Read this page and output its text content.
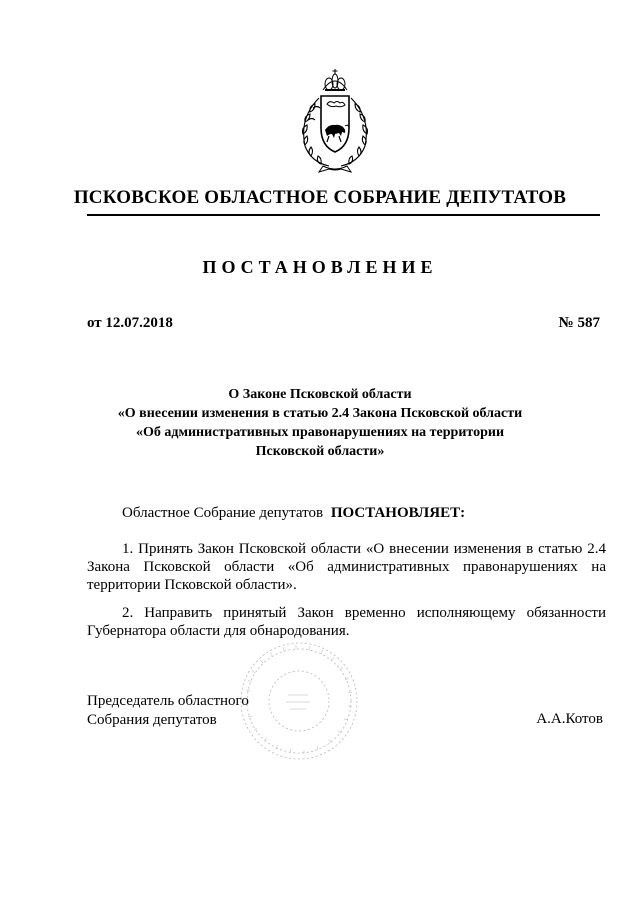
ПСКОВСКОЕ ОБЛАСТНОЕ СОБРАНИЕ ДЕПУТАТОВ
ПОСТАНОВЛЕНИЕ
от 12.07.2018	№ 587
О Законе Псковской области
«О внесении изменения в статью 2.4 Закона Псковской области
«Об административных правонарушениях на территории
Псковской области»
Областное Собрание депутатов ПОСТАНОВЛЯЕТ:

1. Принять Закон Псковской области «О внесении изменения в статью 2.4 Закона Псковской области «Об административных правонарушениях на территории Псковской области».

2. Направить принятый Закон временно исполняющему обязанности Губернатора области для обнародования.

Председатель областного
Собрания депутатов	А.А.Котов
